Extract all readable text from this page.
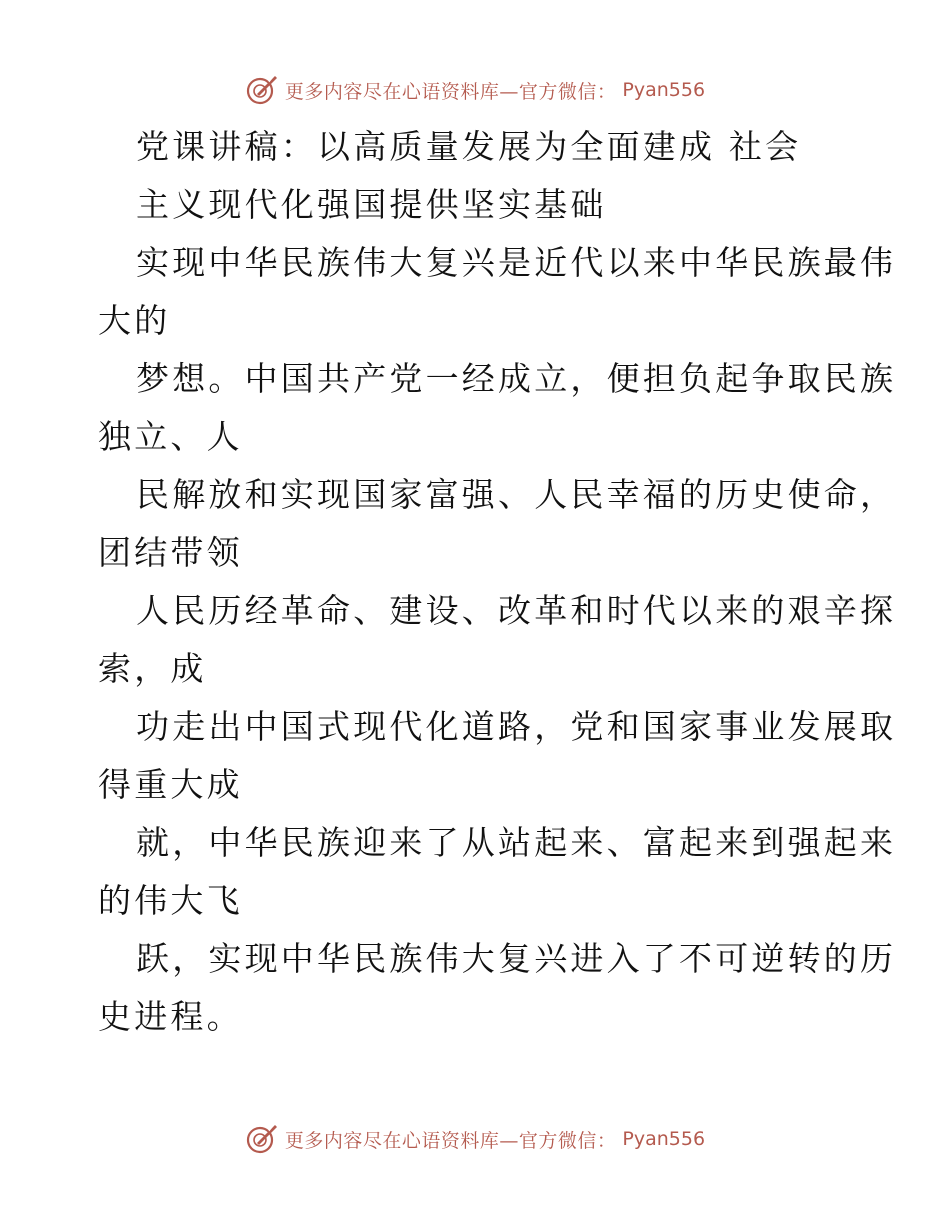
更多内容尽在心语资料库—官方微信： Pyan556
党课讲稿：以高质量发展为全面建成 社会
主义现代化强国提供坚实基础
实现中华民族伟大复兴是近代以来中华民族最伟
大的
梦想。中国共产党一经成立，便担负起争取民族
独立、人
民解放和实现国家富强、人民幸福的历史使命，
团结带领
人民历经革命、建设、改革和时代以来的艰辛探
索，成
功走出中国式现代化道路，党和国家事业发展取
得重大成
就，中华民族迎来了从站起来、富起来到强起来
的伟大飞
跃，实现中华民族伟大复兴进入了不可逆转的历
史进程。
更多内容尽在心语资料库—官方微信： Pyan556
